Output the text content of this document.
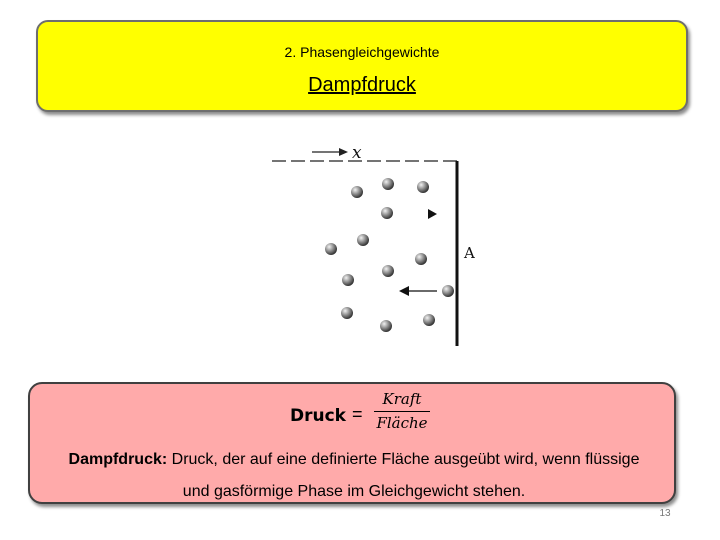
2. Phasengleichgewichte
Dampfdruck
x
A
Druck =
Kraft
Fläche
Dampfdruck: Druck, der auf eine definierte Fläche ausgeübt wird, wenn flüssige und gasförmige Phase im Gleichgewicht stehen.
13
